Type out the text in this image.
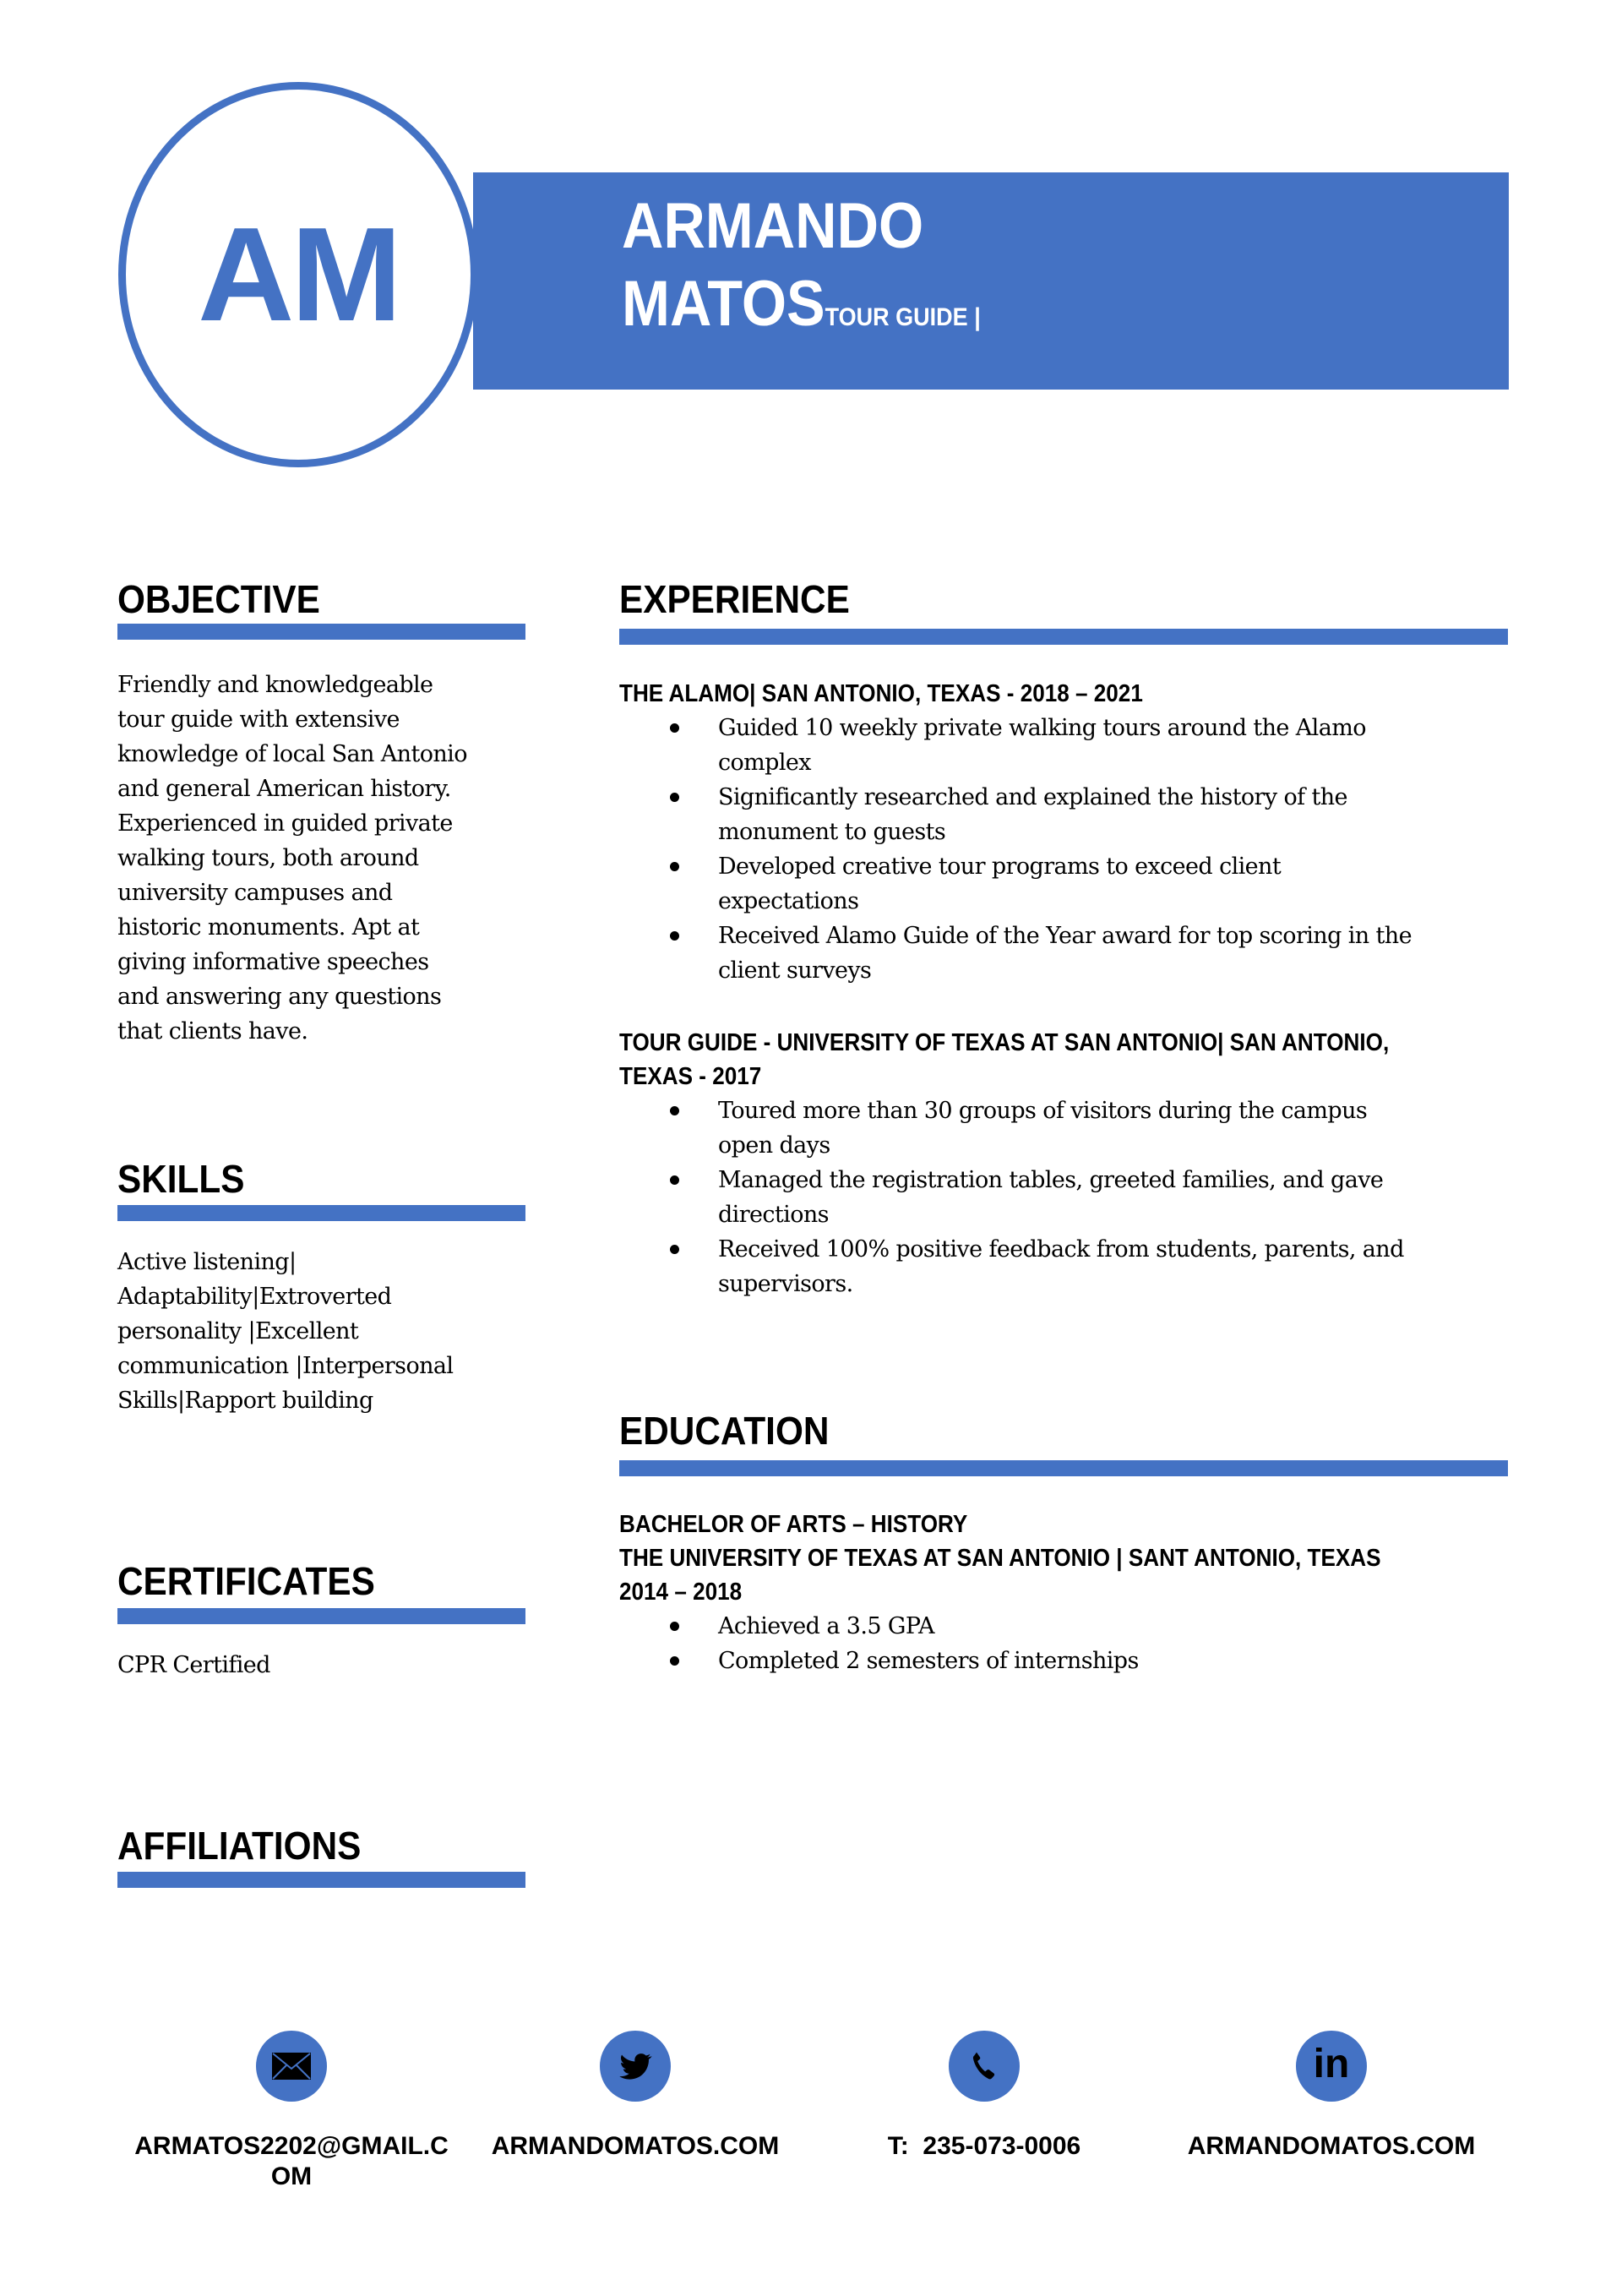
AM	ARMANDO
MATOSTOUR GUIDE |
OBJECTIVE
Friendly and knowledgeable
tour guide with extensive
knowledge of local San Antonio
and general American history.
Experienced in guided private
walking tours, both around
university campuses and
historic monuments. Apt at
giving informative speeches
and answering any questions
that clients have.
SKILLS
Active listening|
Adaptability|Extroverted
personality |Excellent
communication |Interpersonal
Skills|Rapport building
CERTIFICATES
CPR Certified
AFFILIATIONS
EXPERIENCE
THE ALAMO| SAN ANTONIO, TEXAS - 2018 – 2021
Guided 10 weekly private walking tours around the Alamo
complex
Significantly researched and explained the history of the
monument to guests
Developed creative tour programs to exceed client
expectations
Received Alamo Guide of the Year award for top scoring in the
client surveys
TOUR GUIDE - UNIVERSITY OF TEXAS AT SAN ANTONIO| SAN ANTONIO,
TEXAS - 2017
Toured more than 30 groups of visitors during the campus
open days
Managed the registration tables, greeted families, and gave
directions
Received 100% positive feedback from students, parents, and
supervisors.
EDUCATION
BACHELOR OF ARTS – HISTORY
THE UNIVERSITY OF TEXAS AT SAN ANTONIO | SANT ANTONIO, TEXAS
2014 – 2018
Achieved a 3.5 GPA
Completed 2 semesters of internships
in
ARMATOS2202@GMAIL.C
OM
ARMANDOMATOS.COM	T:  235-073-0006	ARMANDOMATOS.COM
